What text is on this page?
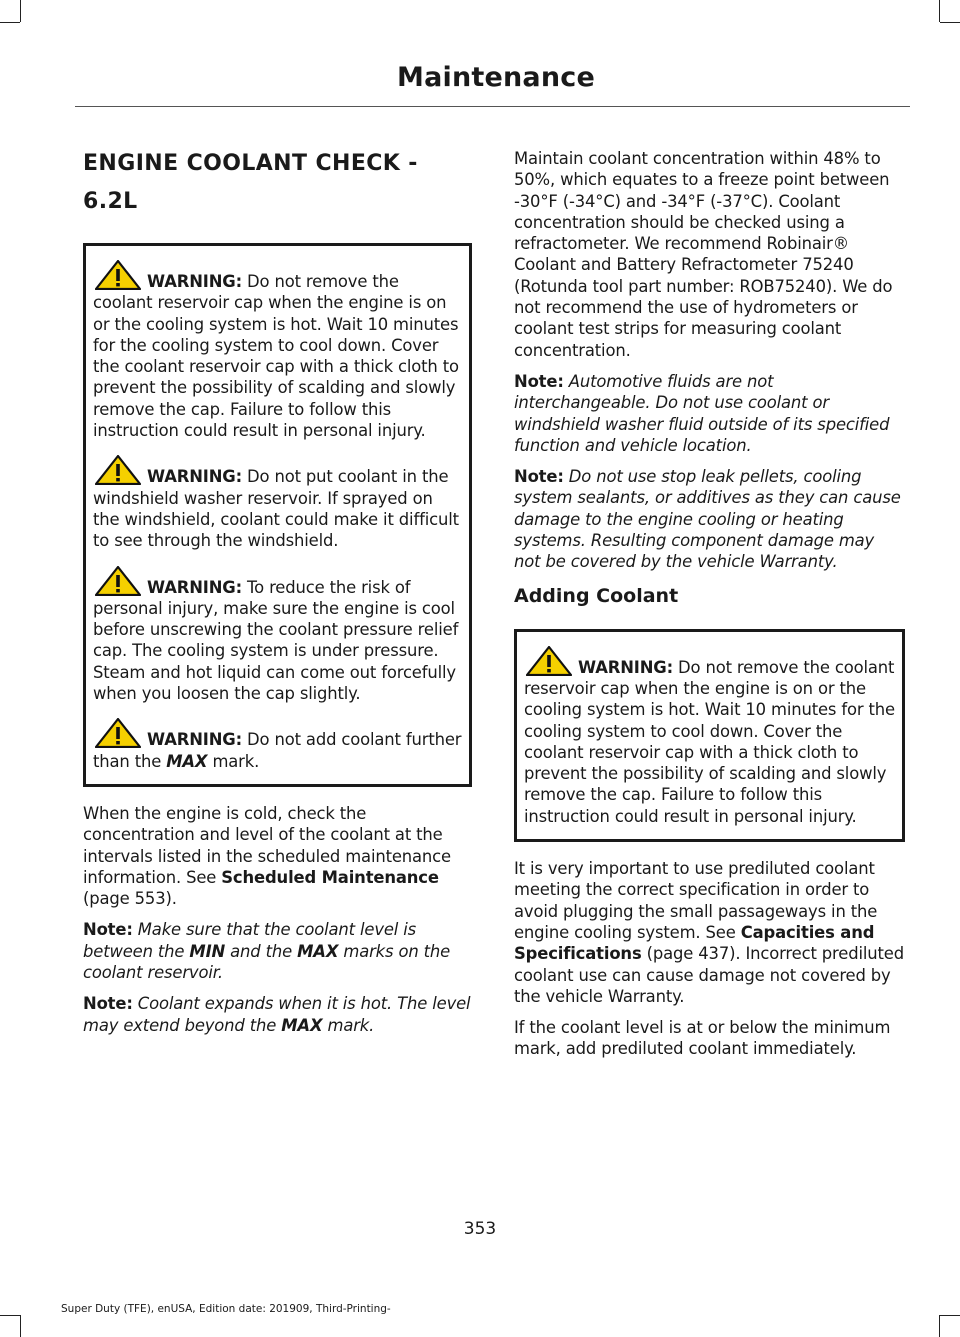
Maintenance
ENGINE COOLANT CHECK - 6.2L

WARNING: Do not remove the coolant reservoir cap when the engine is on or the cooling system is hot. Wait 10 minutes for the cooling system to cool down. Cover the coolant reservoir cap with a thick cloth to prevent the possibility of scalding and slowly remove the cap. Failure to follow this instruction could result in personal injury.

WARNING: Do not put coolant in the windshield washer reservoir. If sprayed on the windshield, coolant could make it difficult to see through the windshield.

WARNING: To reduce the risk of personal injury, make sure the engine is cool before unscrewing the coolant pressure relief cap. The cooling system is under pressure. Steam and hot liquid can come out forcefully when you loosen the cap slightly.

WARNING: Do not add coolant further than the MAX mark.

When the engine is cold, check the concentration and level of the coolant at the intervals listed in the scheduled maintenance information. See Scheduled Maintenance (page 553).

Note: Make sure that the coolant level is between the MIN and the MAX marks on the coolant reservoir.

Note: Coolant expands when it is hot. The level may extend beyond the MAX mark.

Maintain coolant concentration within 48% to 50%, which equates to a freeze point between -30°F (-34°C) and -34°F (-37°C). Coolant concentration should be checked using a refractometer. We recommend Robinair® Coolant and Battery Refractometer 75240 (Rotunda tool part number: ROB75240). We do not recommend the use of hydrometers or coolant test strips for measuring coolant concentration.

Note: Automotive fluids are not interchangeable. Do not use coolant or windshield washer fluid outside of its specified function and vehicle location.

Note: Do not use stop leak pellets, cooling system sealants, or additives as they can cause damage to the engine cooling or heating systems. Resulting component damage may not be covered by the vehicle Warranty.

Adding Coolant

WARNING: Do not remove the coolant reservoir cap when the engine is on or the cooling system is hot. Wait 10 minutes for the cooling system to cool down. Cover the coolant reservoir cap with a thick cloth to prevent the possibility of scalding and slowly remove the cap. Failure to follow this instruction could result in personal injury.

It is very important to use prediluted coolant meeting the correct specification in order to avoid plugging the small passageways in the engine cooling system. See Capacities and Specifications (page 437). Incorrect prediluted coolant use can cause damage not covered by the vehicle Warranty.

If the coolant level is at or below the minimum mark, add prediluted coolant immediately.

353
Super Duty (TFE), enUSA, Edition date: 201909, Third-Printing-
